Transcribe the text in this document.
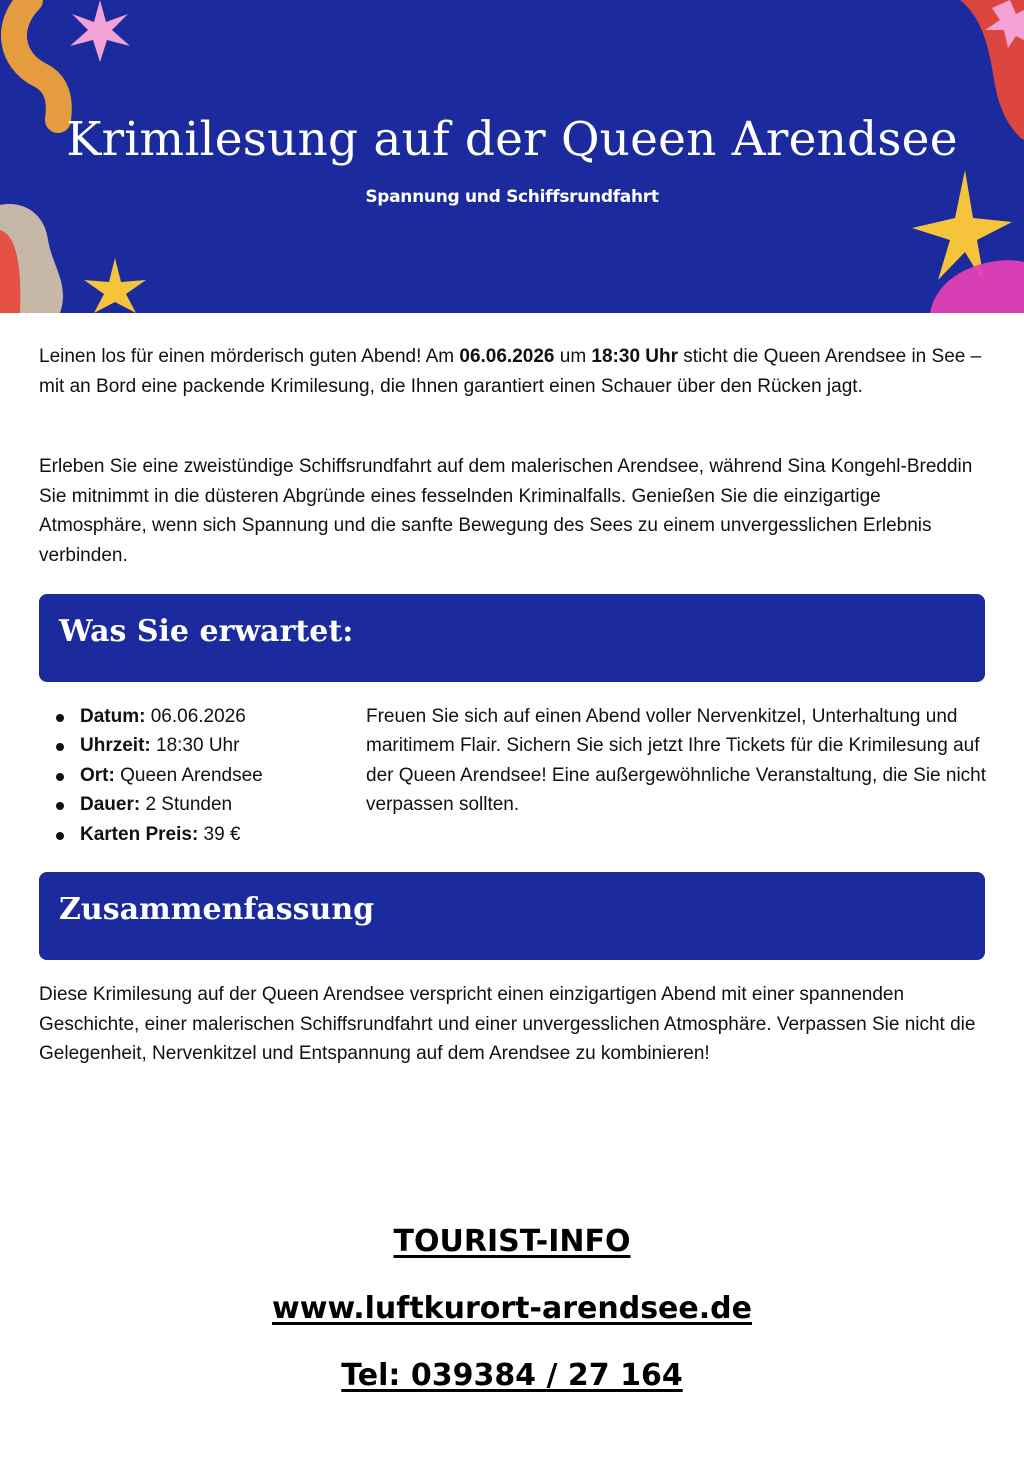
Krimilesung auf der Queen Arendsee
Spannung und Schiffsrundfahrt

Leinen los für einen mörderisch guten Abend! Am 06.06.2026 um 18:30 Uhr sticht die Queen Arendsee in See – mit an Bord eine packende Krimilesung, die Ihnen garantiert einen Schauer über den Rücken jagt.

Erleben Sie eine zweistündige Schiffsrundfahrt auf dem malerischen Arendsee, während Sina Kongehl-Breddin Sie mitnimmt in die düsteren Abgründe eines fesselnden Kriminalfalls. Genießen Sie die einzigartige Atmosphäre, wenn sich Spannung und die sanfte Bewegung des Sees zu einem unvergesslichen Erlebnis verbinden.

Was Sie erwartet:
Datum: 06.06.2026
Uhrzeit: 18:30 Uhr
Ort: Queen Arendsee
Dauer: 2 Stunden
Karten Preis: 39 €

Freuen Sie sich auf einen Abend voller Nervenkitzel, Unterhaltung und maritimem Flair. Sichern Sie sich jetzt Ihre Tickets für die Krimilesung auf der Queen Arendsee! Eine außergewöhnliche Veranstaltung, die Sie nicht verpassen sollten.

Zusammenfassung

Diese Krimilesung auf der Queen Arendsee verspricht einen einzigartigen Abend mit einer spannenden Geschichte, einer malerischen Schiffsrundfahrt und einer unvergesslichen Atmosphäre. Verpassen Sie nicht die Gelegenheit, Nervenkitzel und Entspannung auf dem Arendsee zu kombinieren!

TOURIST-INFO
www.luftkurort-arendsee.de
Tel: 039384 / 27 164
